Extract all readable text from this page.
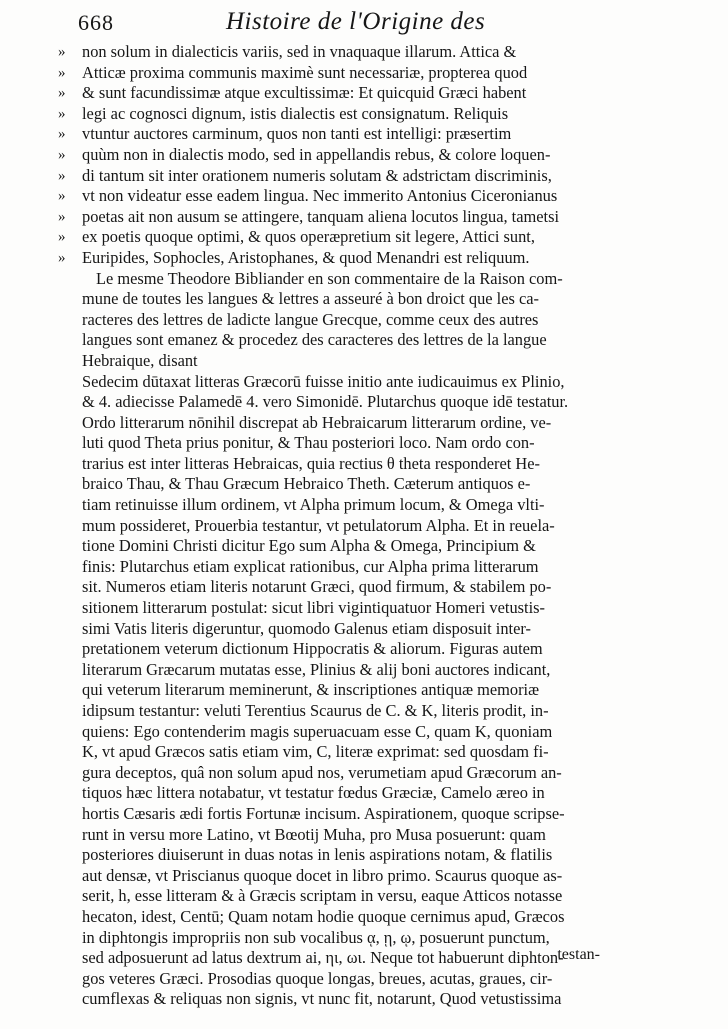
668	Histoire de l'Origine des
»	non solum in dialecticis variis, sed in vnaquaque illarum. Attica &
»	Atticæ proxima communis maximè sunt necessariæ, propterea quod
»	& sunt facundissimæ atque excultissimæ: Et quicquid Græci habent
»	legi ac cognosci dignum, istis dialectis est consignatum. Reliquis
»	vtuntur auctores carminum, quos non tanti est intelligi: præsertim
»	quùm non in dialectis modo, sed in appellandis rebus, & colore loquen-
»	di tantum sit inter orationem numeris solutam & adstrictam discriminis,
»	vt non videatur esse eadem lingua. Nec immerito Antonius Ciceronianus
»	poetas ait non ausum se attingere, tanquam aliena locutos lingua, tametsi
»	ex poetis quoque optimi, & quos operæpretium sit legere, Attici sunt,
»	Euripides, Sophocles, Aristophanes, & quod Menandri est reliquum.
Le mesme Theodore Bibliander en son commentaire de la Raison com-
mune de toutes les langues & lettres a asseuré à bon droict que les ca-
racteres des lettres de ladicte langue Grecque, comme ceux des autres
langues sont emanez & procedez des caracteres des lettres de la langue
Hebraique, disant
Sedecim dūtaxat litteras Græcorū fuisse initio ante iudicauimus ex Plinio,
& 4. adiecisse Palamedē 4. vero Simonidē. Plutarchus quoque idē testatur.
Ordo litterarum nōnihil discrepat ab Hebraicarum litterarum ordine, ve-
luti quod Theta prius ponitur, & Thau posteriori loco. Nam ordo con-
trarius est inter litteras Hebraicas, quia rectius θ theta responderet He-
braico Thau, & Thau Græcum Hebraico Theth. Cæterum antiquos e-
tiam retinuisse illum ordinem, vt Alpha primum locum, & Omega vlti-
mum possideret, Prouerbia testantur, vt petulatorum Alpha. Et in reuela-
tione Domini Christi dicitur Ego sum Alpha & Omega, Principium &
finis: Plutarchus etiam explicat rationibus, cur Alpha prima litterarum
sit. Numeros etiam literis notarunt Græci, quod firmum, & stabilem po-
sitionem litterarum postulat: sicut libri vigintiquatuor Homeri vetustis-
simi Vatis literis digeruntur, quomodo Galenus etiam disposuit inter-
pretationem veterum dictionum Hippocratis & aliorum. Figuras autem
literarum Græcarum mutatas esse, Plinius & alij boni auctores indicant,
qui veterum literarum meminerunt, & inscriptiones antiquæ memoriæ
idipsum testantur: veluti Terentius Scaurus de C. & K, literis prodit, in-
quiens: Ego contenderim magis superuacuam esse C, quam K, quoniam
K, vt apud Græcos satis etiam vim, C, literæ exprimat: sed quosdam fi-
gura deceptos, quâ non solum apud nos, verumetiam apud Græcorum an-
tiquos hæc littera notabatur, vt testatur fœdus Græciæ, Camelo æreo in
hortis Cæsaris ædi fortis Fortunæ incisum. Aspirationem, quoque scripse-
runt in versu more Latino, vt Bœotij Muha, pro Musa posuerunt: quam
posteriores diuiserunt in duas notas in lenis aspirations notam, & flatilis
aut densæ, vt Priscianus quoque docet in libro primo. Scaurus quoque as-
serit, h, esse litteram & à Græcis scriptam in versu, eaque Atticos notasse
hecaton, idest, Centū; Quam notam hodie quoque cernimus apud, Græcos
in diphtongis impropriis non sub vocalibus ᾳ, ῃ, ῳ, posuerunt punctum,
sed adposuerunt ad latus dextrum ai, ηι, ωι. Neque tot habuerunt diphton-
gos veteres Græci. Prosodias quoque longas, breues, acutas, graues, cir-
cumflexas & reliquas non signis, vt nunc fit, notarunt, Quod vetustissima
testan-
